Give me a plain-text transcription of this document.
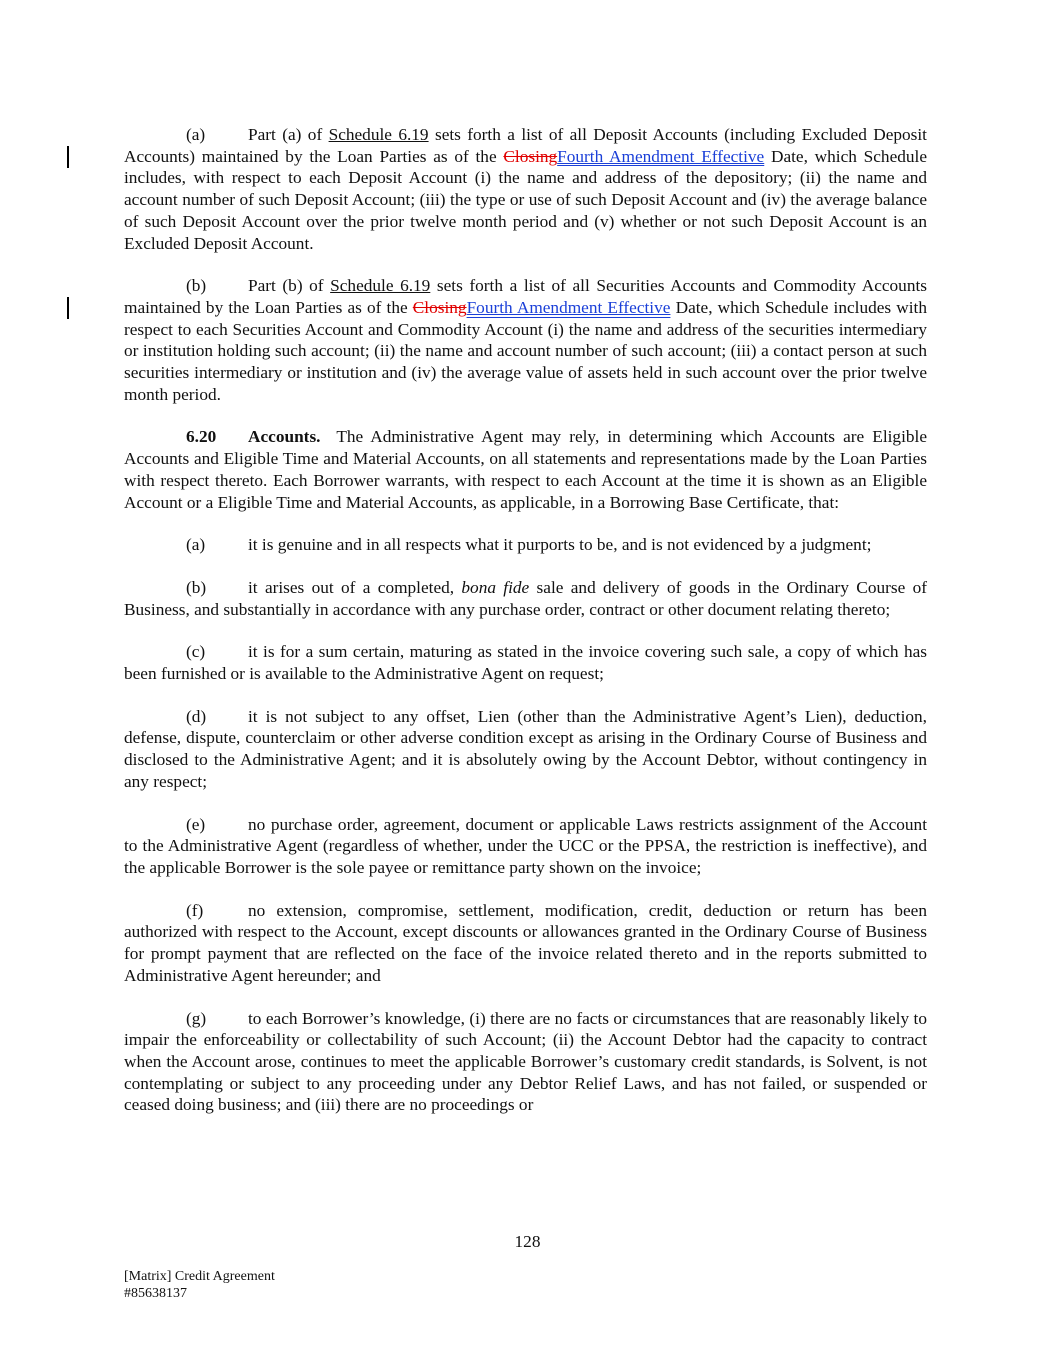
(a) Part (a) of Schedule 6.19 sets forth a list of all Deposit Accounts (including Excluded Deposit Accounts) maintained by the Loan Parties as of the ClosingFourth Amendment Effective Date, which Schedule includes, with respect to each Deposit Account (i) the name and address of the depository; (ii) the name and account number of such Deposit Account; (iii) the type or use of such Deposit Account and (iv) the average balance of such Deposit Account over the prior twelve month period and (v) whether or not such Deposit Account is an Excluded Deposit Account.

(b) Part (b) of Schedule 6.19 sets forth a list of all Securities Accounts and Commodity Accounts maintained by the Loan Parties as of the ClosingFourth Amendment Effective Date, which Schedule includes with respect to each Securities Account and Commodity Account (i) the name and address of the securities intermediary or institution holding such account; (ii) the name and account number of such account; (iii) a contact person at such securities intermediary or institution and (iv) the average value of assets held in such account over the prior twelve month period.

6.20 Accounts. The Administrative Agent may rely, in determining which Accounts are Eligible Accounts and Eligible Time and Material Accounts, on all statements and representations made by the Loan Parties with respect thereto. Each Borrower warrants, with respect to each Account at the time it is shown as an Eligible Account or a Eligible Time and Material Accounts, as applicable, in a Borrowing Base Certificate, that:

(a) it is genuine and in all respects what it purports to be, and is not evidenced by a judgment;

(b) it arises out of a completed, bona fide sale and delivery of goods in the Ordinary Course of Business, and substantially in accordance with any purchase order, contract or other document relating thereto;

(c) it is for a sum certain, maturing as stated in the invoice covering such sale, a copy of which has been furnished or is available to the Administrative Agent on request;

(d) it is not subject to any offset, Lien (other than the Administrative Agent’s Lien), deduction, defense, dispute, counterclaim or other adverse condition except as arising in the Ordinary Course of Business and disclosed to the Administrative Agent; and it is absolutely owing by the Account Debtor, without contingency in any respect;

(e) no purchase order, agreement, document or applicable Laws restricts assignment of the Account to the Administrative Agent (regardless of whether, under the UCC or the PPSA, the restriction is ineffective), and the applicable Borrower is the sole payee or remittance party shown on the invoice;

(f)	no extension, compromise, settlement, modification, credit, deduction or return has been authorized with respect to the Account, except discounts or allowances granted in the Ordinary Course of Business for prompt payment that are reflected on the face of the invoice related thereto and in the reports submitted to Administrative Agent hereunder; and

(g) to each Borrower’s knowledge, (i) there are no facts or circumstances that are reasonably likely to impair the enforceability or collectability of such Account; (ii) the Account Debtor had the capacity to contract when the Account arose, continues to meet the applicable Borrower’s customary credit standards, is Solvent, is not contemplating or subject to any proceeding under any Debtor Relief Laws, and has not failed, or suspended or ceased doing business; and (iii) there are no proceedings or

128
[Matrix] Credit Agreement
#85638137
